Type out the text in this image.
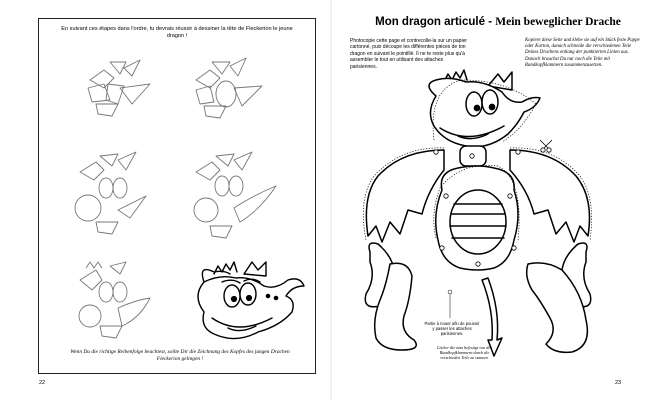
En suivant ces étapes dans l'ordre, tu devrais réussir à dessiner la tête de Fleckerion le jeune dragon !
Wenn Du die richtige Reihenfolge beachtest, sollte Dir die Zeichnung des Kopfes des jungen Drachen Fleckerion gelingen !
22
Mon dragon articulé - Mein beweglicher Drache
Photocopie cette page et contrecolle-la sur un papier cartonné, puis découpe les différentes pièces de ton dragon en suivant le pointillé. Il ne te reste plus qu'à assembler le tout en utilisant des attaches parisiennes.
Kopiere diese Seite und klebe sie auf ein Stück feste Pappe oder Karton, danach schneide die verschiedenen Teile Deines Drachens entlang der punktierten Linien aus. Danach brauchst Du nur noch die Teile mit Rundkopfklammern zusammenzusetzen.
Partie à nouer afin de pouvoir y passer les attaches parisiennes.
Löcher die zum befestigt von der Rundkopfklammern durch die verschieden Teile zu stanzen.
23
